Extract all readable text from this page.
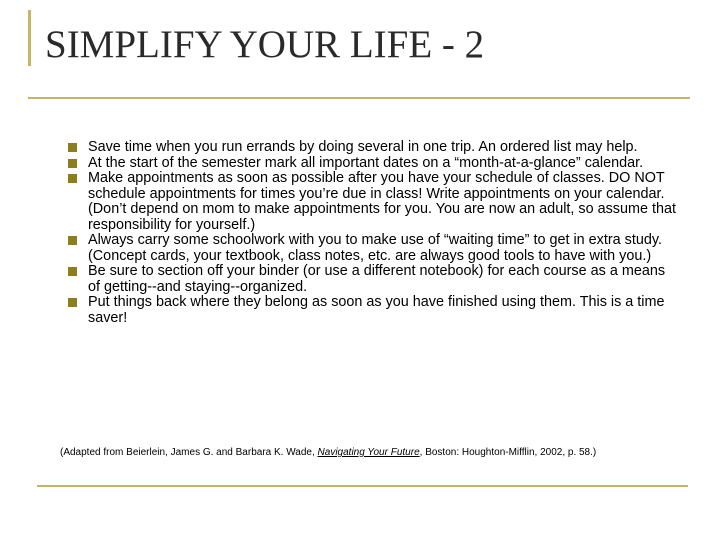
SIMPLIFY YOUR LIFE - 2
Save time when you run errands by doing several in one trip. An ordered list may help.
At the start of the semester mark all important dates on a “month-at-a-glance” calendar.
Make appointments as soon as possible after you have your schedule of classes. DO NOT schedule appointments for times you’re due in class! Write appointments on your calendar. (Don’t depend on mom to make appointments for you. You are now an adult, so assume that responsibility for yourself.)
Always carry some schoolwork with you to make use of “waiting time” to get in extra study. (Concept cards, your textbook, class notes, etc. are always good tools to have with you.)
Be sure to section off your binder (or use a different notebook) for each course as a means of getting--and staying--organized.
Put things back where they belong as soon as you have finished using them. This is a time saver!

(Adapted from Beierlein, James G. and Barbara K. Wade, Navigating Your Future, Boston: Houghton-Mifflin, 2002, p. 58.)
